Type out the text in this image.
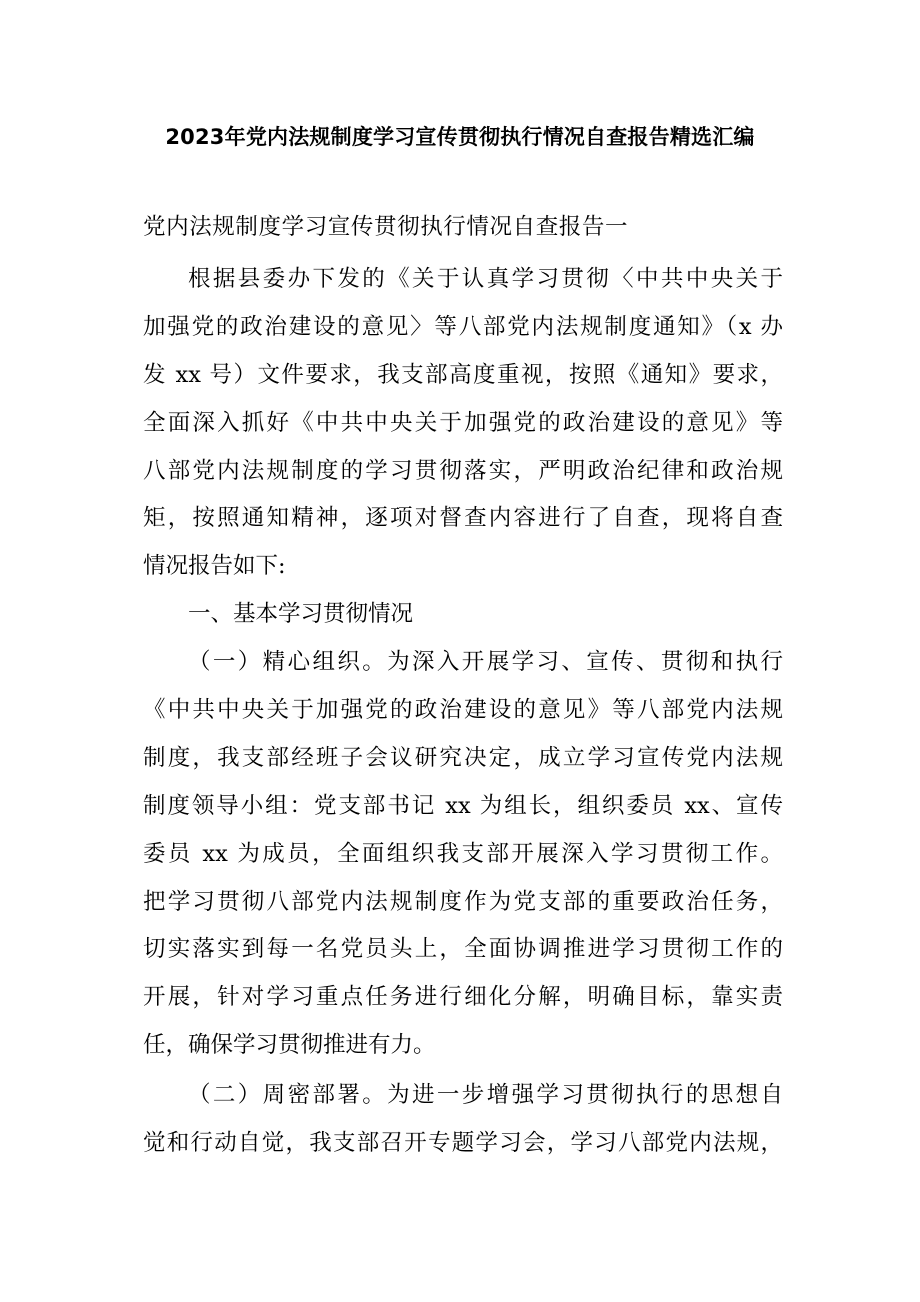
2023年党内法规制度学习宣传贯彻执行情况自查报告精选汇编
党内法规制度学习宣传贯彻执行情况自查报告一
根据县委办下发的《关于认真学习贯彻〈中共中央关于
加强党的政治建设的意见〉等八部党内法规制度通知》（x 办
发 xx 号）文件要求，我支部高度重视，按照《通知》要求，
全面深入抓好《中共中央关于加强党的政治建设的意见》等
八部党内法规制度的学习贯彻落实，严明政治纪律和政治规
矩，按照通知精神，逐项对督查内容进行了自查，现将自查
情况报告如下:
一、基本学习贯彻情况
（一）精心组织。为深入开展学习、宣传、贯彻和执行
《中共中央关于加强党的政治建设的意见》等八部党内法规
制度，我支部经班子会议研究决定，成立学习宣传党内法规
制度领导小组：党支部书记 xx 为组长，组织委员 xx、宣传
委员 xx 为成员，全面组织我支部开展深入学习贯彻工作。
把学习贯彻八部党内法规制度作为党支部的重要政治任务，
切实落实到每一名党员头上，全面协调推进学习贯彻工作的
开展，针对学习重点任务进行细化分解，明确目标，靠实责
任，确保学习贯彻推进有力。
（二）周密部署。为进一步增强学习贯彻执行的思想自
觉和行动自觉，我支部召开专题学习会，学习八部党内法规，
